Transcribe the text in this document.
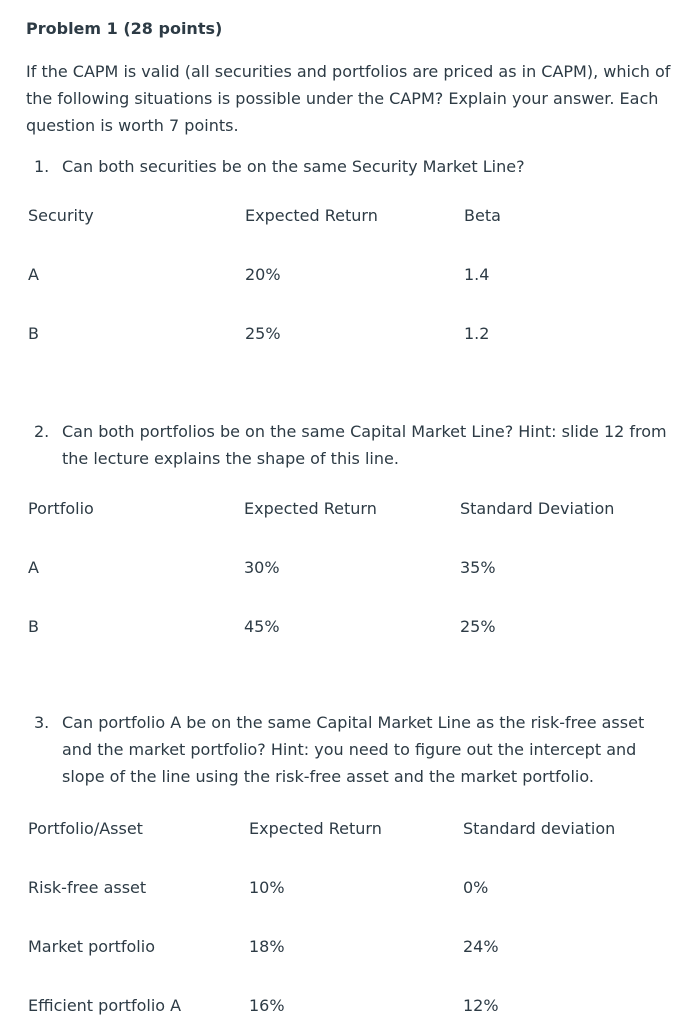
Problem 1 (28 points)
If the CAPM is valid (all securities and portfolios are priced as in CAPM), which of the following situations is possible under the CAPM? Explain your answer. Each question is worth 7 points.
1. Can both securities be on the same Security Market Line?
Security	Expected Return	Beta
A	20%	1.4
B	25%	1.2
2. Can both portfolios be on the same Capital Market Line? Hint: slide 12 from the lecture explains the shape of this line.
Portfolio	Expected Return	Standard Deviation
A	30%	35%
B	45%	25%
3. Can portfolio A be on the same Capital Market Line as the risk-free asset and the market portfolio? Hint: you need to figure out the intercept and slope of the line using the risk-free asset and the market portfolio.
Portfolio/Asset	Expected Return	Standard deviation
Risk-free asset	10%	0%
Market portfolio	18%	24%
Efficient portfolio A	16%	12%
